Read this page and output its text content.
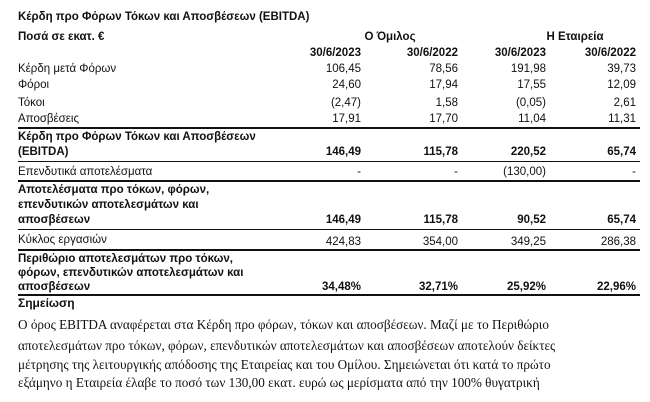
Κέρδη προ Φόρων Τόκων και Αποσβέσεων (EBITDA)
Ποσά σε εκατ. €	Ο Όμιλος	Η Εταιρεία
30/6/2023	30/6/2022	30/6/2023	30/6/2022
Κέρδη μετά Φόρων	106,45	78,56	191,98	39,73
Φόροι	24,60	17,94	17,55	12,09
Τόκοι	(2,47)	1,58	(0,05)	2,61
Αποσβέσεις	17,91	17,70	11,04	11,31
Κέρδη προ Φόρων Τόκων και Αποσβέσεων
(EBITDA)	146,49	115,78	220,52	65,74
Επενδυτικά αποτελέσματα	-	-	(130,00)	-
Αποτελέσματα προ τόκων, φόρων,
επενδυτικών αποτελεσμάτων και
αποσβέσεων	146,49	115,78	90,52	65,74
Κύκλος εργασιών	424,83	354,00	349,25	286,38
Περιθώριο αποτελεσμάτων προ τόκων,
φόρων, επενδυτικών αποτελεσμάτων και
αποσβέσεων	34,48%	32,71%	25,92%	22,96%
Σημείωση
Ο όρος EBITDA αναφέρεται στα Κέρδη προ φόρων, τόκων και αποσβέσεων. Μαζί με το Περιθώριο
αποτελεσμάτων προ τόκων, φόρων, επενδυτικών αποτελεσμάτων και αποσβέσεων αποτελούν δείκτες
μέτρησης της λειτουργικής απόδοσης της Εταιρείας και του Ομίλου. Σημειώνεται ότι κατά το πρώτο
εξάμηνο η Εταιρεία έλαβε το ποσό των 130,00 εκατ. ευρώ ως μερίσματα από την 100% θυγατρική
